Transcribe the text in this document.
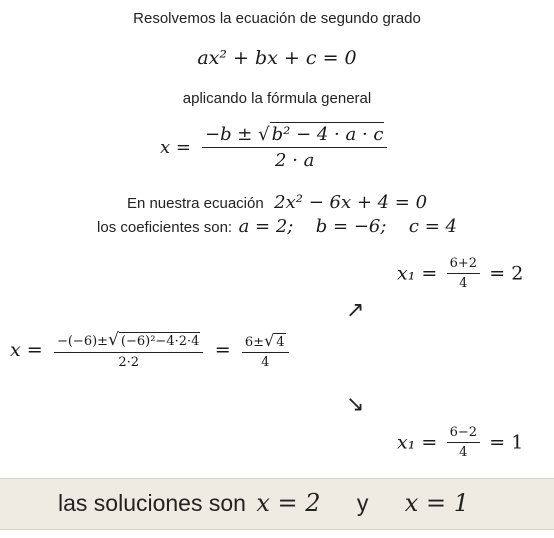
Resolvemos la ecuación de segundo grado
ax² + bx + c = 0
aplicando la fórmula general
$x = \frac{\text{−b ± √ b² − 4 · a · c}}{2 \cdot a}$
En nuestra ecuación 2x² − 6x + 4 = 0
los coeficientes son: a = 2; b = −6; c = 4
$x_1 = \frac{6+2}{4} = 2$
↗
$x = \frac{\text{−(−6)±√ (−6)²−4·2·4}}{2\cdot 2} = \frac{6\pm√ 4}{4}$
↘
$x_1 = \frac{6-2}{4} = 1$
las soluciones son x = 2 y x = 1
